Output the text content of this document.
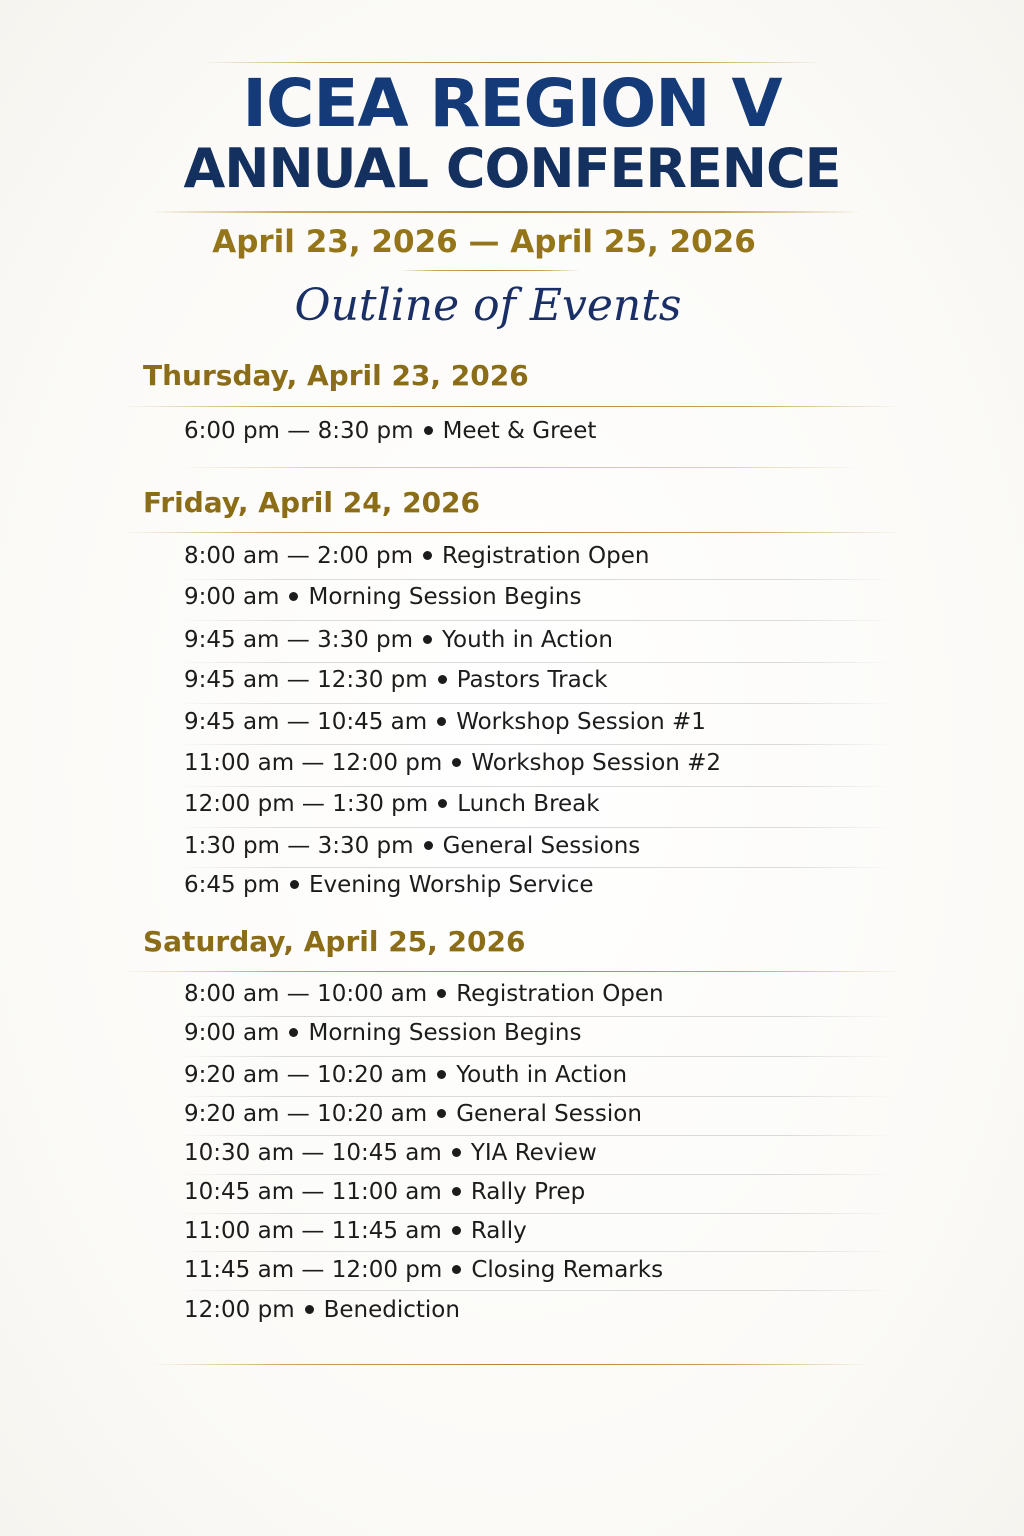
ICEA REGION V
ANNUAL CONFERENCE
April 23, 2026 — April 25, 2026
Outline of Events
Thursday, April 23, 2026
6:00 pm — 8:30 pm Meet & Greet
Friday, April 24, 2026
8:00 am — 2:00 pm Registration Open
9:00 am Morning Session Begins
9:45 am — 3:30 pm Youth in Action
9:45 am — 12:30 pm Pastors Track
9:45 am — 10:45 am Workshop Session #1
11:00 am — 12:00 pm Workshop Session #2
12:00 pm — 1:30 pm Lunch Break
1:30 pm — 3:30 pm General Sessions
6:45 pm Evening Worship Service
Saturday, April 25, 2026
8:00 am — 10:00 am Registration Open
9:00 am Morning Session Begins
9:20 am — 10:20 am Youth in Action
9:20 am — 10:20 am General Session
10:30 am — 10:45 am YIA Review
10:45 am — 11:00 am Rally Prep
11:00 am — 11:45 am Rally
11:45 am — 12:00 pm Closing Remarks
12:00 pm Benediction
